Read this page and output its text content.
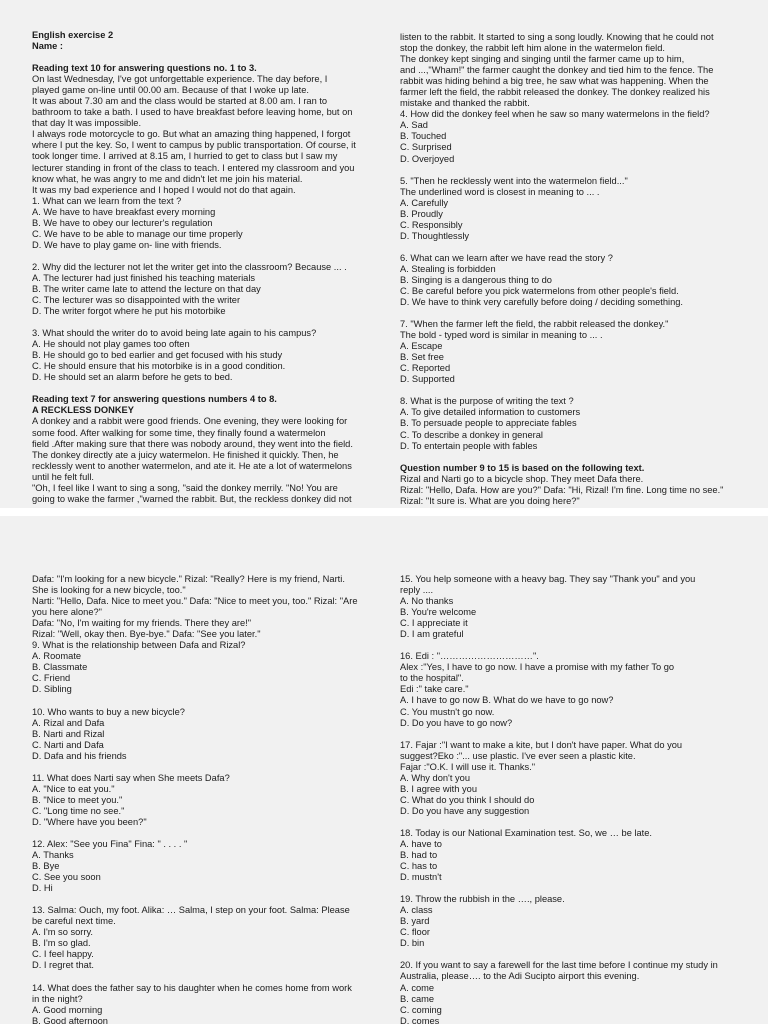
English exercise 2
Name :
Reading text 10 for answering questions no. 1 to 3.
On last Wednesday, I've got unforgettable experience. The day before, I
played game on-line until 00.00 am. Because of that I woke up late.
It was about 7.30 am and the class would be started at 8.00 am. I ran to
bathroom to take a bath. I used to have breakfast before leaving home, but on
that day It was impossible.
I always rode motorcycle to go. But what an amazing thing happened, I forgot
where I put the key. So, I went to campus by public transportation. Of course, it
took longer time. I arrived at 8.15 am, I hurried to get to class but I saw my
lecturer standing in front of the class to teach. I entered my classroom and you
know what, he was angry to me and didn't let me join his material.
It was my bad experience and I hoped I would not do that again.
1. What can we learn from the text ?
A. We have to have breakfast every morning
B. We have to obey our lecturer's regulation
C. We have to be able to manage our time properly
D. We have to play game on- line with friends.
2. Why did the lecturer not let the writer get into the classroom? Because ... .
A. The lecturer had just finished his teaching materials
B. The writer came late to attend the lecture on that day
C. The lecturer was so disappointed with the writer
D. The writer forgot where he put his motorbike
3. What should the writer do to avoid being late again to his campus?
A. He should not play games too often
B. He should go to bed earlier and get focused with his study
C. He should ensure that his motorbike is in a good condition.
D. He should set an alarm before he gets to bed.
Reading text 7 for answering questions numbers 4 to 8.
A RECKLESS DONKEY
A donkey and a rabbit were good friends. One evening, they were looking for
some food. After walking for some time, they finally found a watermelon
field .After making sure that there was nobody around, they went into the field.
The donkey directly ate a juicy watermelon. He finished it quickly. Then, he
recklessly went to another watermelon, and ate it. He ate a lot of watermelons
until he felt full.
"Oh, I feel like I want to sing a song, "said the donkey merrily. "No! You are
going to wake the farmer ,"warned the rabbit. But, the reckless donkey did not
listen to the rabbit. It started to sing a song loudly. Knowing that he could not
stop the donkey, the rabbit left him alone in the watermelon field.
The donkey kept singing and singing until the farmer came up to him,
and ...,"Wham!" the farmer caught the donkey and tied him to the fence. The
rabbit was hiding behind a big tree, he saw what was happening. When the
farmer left the field, the rabbit released the donkey. The donkey realized his
mistake and thanked the rabbit.
4. How did the donkey feel when he saw so many watermelons in the field?
A. Sad
B. Touched
C. Surprised
D. Overjoyed
5. "Then he recklessly went into the watermelon field..."
The underlined word is closest in meaning to ... .
A. Carefully
B. Proudly
C. Responsibly
D. Thoughtlessly
6. What can we learn after we have read the story ?
A. Stealing is forbidden
B. Singing is a dangerous thing to do
C. Be careful before you pick watermelons from other people's field.
D. We have to think very carefully before doing / deciding something.
7. "When the farmer left the field, the rabbit released the donkey."
The bold - typed word is similar in meaning to ... .
A. Escape
B. Set free
C. Reported
D. Supported
8. What is the purpose of writing the text ?
A. To give detailed information to customers
B. To persuade people to appreciate fables
C. To describe a donkey in general
D. To entertain people with fables
Question number 9 to 15 is based on the following text.
Rizal and Narti go to a bicycle shop. They meet Dafa there.
Rizal: "Hello, Dafa. How are you?" Dafa: "Hi, Rizal! I'm fine. Long time no see."
Rizal: "It sure is. What are you doing here?"
Dafa: "I'm looking for a new bicycle." Rizal: "Really? Here is my friend, Narti.
She is looking for a new bicycle, too."
Narti: "Hello, Dafa. Nice to meet you." Dafa: "Nice to meet you, too." Rizal: "Are
you here alone?"
Dafa: "No, I'm waiting for my friends. There they are!"
Rizal: "Well, okay then. Bye-bye." Dafa: "See you later."
9. What is the relationship between Dafa and Rizal?
A. Roomate
B. Classmate
C. Friend
D. Sibling
10. Who wants to buy a new bicycle?
A. Rizal and Dafa
B. Narti and Rizal
C. Narti and Dafa
D. Dafa and his friends
11. What does Narti say when She meets Dafa?
A. "Nice to eat you."
B. "Nice to meet you."
C. "Long time no see."
D. "Where have you been?"
12. Alex: "See you Fina" Fina: " . . . . "
A. Thanks
B. Bye
C. See you soon
D. Hi
13. Salma: Ouch, my foot. Alika: … Salma, I step on your foot. Salma: Please
be careful next time.
A. I'm so sorry.
B. I'm so glad.
C. I feel happy.
D. I regret that.
14. What does the father say to his daughter when he comes home from work
in the night?
A. Good morning
B. Good afternoon
15. You help someone with a heavy bag. They say "Thank you" and you
reply ....
A. No thanks
B. You're welcome
C. I appreciate it
D. I am grateful
16. Edi : "…………………………".
Alex :"Yes, I have to go now. I have a promise with my father To go
to the hospital".
Edi :" take care."
A. I have to go now B. What do we have to go now?
C. You mustn't go now.
D. Do you have to go now?
17. Fajar :"I want to make a kite, but I don't have paper. What do you
suggest?Eko :"... use plastic. I've ever seen a plastic kite.
Fajar :"O.K. I will use it. Thanks."
A. Why don't you
B. I agree with you
C. What do you think I should do
D. Do you have any suggestion
18. Today is our National Examination test. So, we … be late.
A. have to
B. had to
C. has to
D. mustn't
19. Throw the rubbish in the …., please.
A. class
B. yard
C. floor
D. bin
20. If you want to say a farewell for the last time before I continue my study in
Australia, please…. to the Adi Sucipto airport this evening.
A. come
B. came
C. coming
D. comes
